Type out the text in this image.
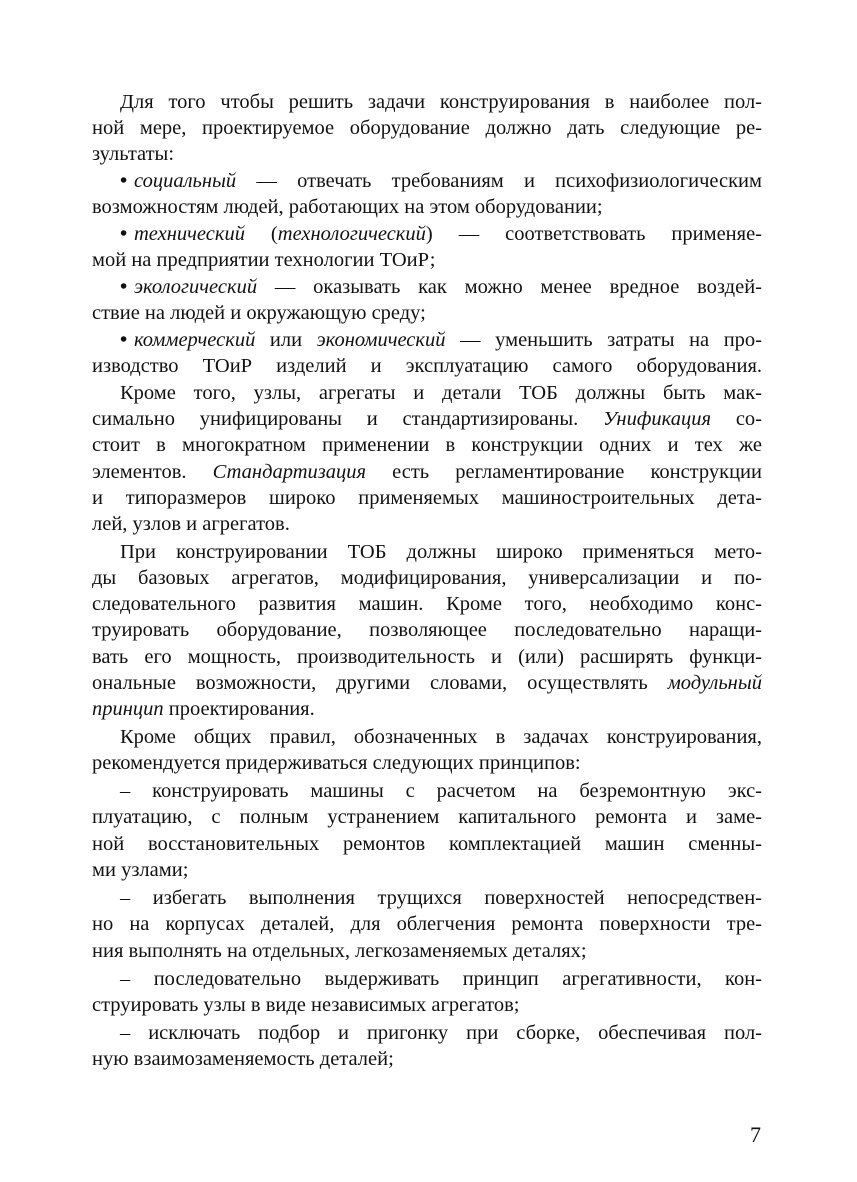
Для того чтобы решить задачи конструирования в наиболее пол-
ной мере, проектируемое оборудование должно дать следующие ре-
зультаты:
• социальный — отвечать требованиям и психофизиологическим
возможностям людей, работающих на этом оборудовании;
• технический (технологический) — соответствовать применяе-
мой на предприятии технологии ТОиР;
• экологический — оказывать как можно менее вредное воздей-
ствие на людей и окружающую среду;
• коммерческий или экономический — уменьшить затраты на про-
изводство ТОиР изделий и эксплуатацию самого оборудования.
Кроме того, узлы, агрегаты и детали ТОБ должны быть мак-
симально унифицированы и стандартизированы. Унификация со-
стоит в многократном применении в конструкции одних и тех же
элементов. Стандартизация есть регламентирование конструкции
и типоразмеров широко применяемых машиностроительных дета-
лей, узлов и агрегатов.
При конструировании ТОБ должны широко применяться мето-
ды базовых агрегатов, модифицирования, универсализации и по-
следовательного развития машин. Кроме того, необходимо конс-
труировать оборудование, позволяющее последовательно наращи-
вать его мощность, производительность и (или) расширять функци-
ональные возможности, другими словами, осуществлять модульный
принцип проектирования.
Кроме общих правил, обозначенных в задачах конструирования,
рекомендуется придерживаться следующих принципов:
– конструировать машины с расчетом на безремонтную экс-
плуатацию, с полным устранением капитального ремонта и заме-
ной восстановительных ремонтов комплектацией машин сменны-
ми узлами;
– избегать выполнения трущихся поверхностей непосредствен-
но на корпусах деталей, для облегчения ремонта поверхности тре-
ния выполнять на отдельных, легкозаменяемых деталях;
– последовательно выдерживать принцип агрегативности, кон-
струировать узлы в виде независимых агрегатов;
– исключать подбор и пригонку при сборке, обеспечивая пол-
ную взаимозаменяемость деталей;
7
